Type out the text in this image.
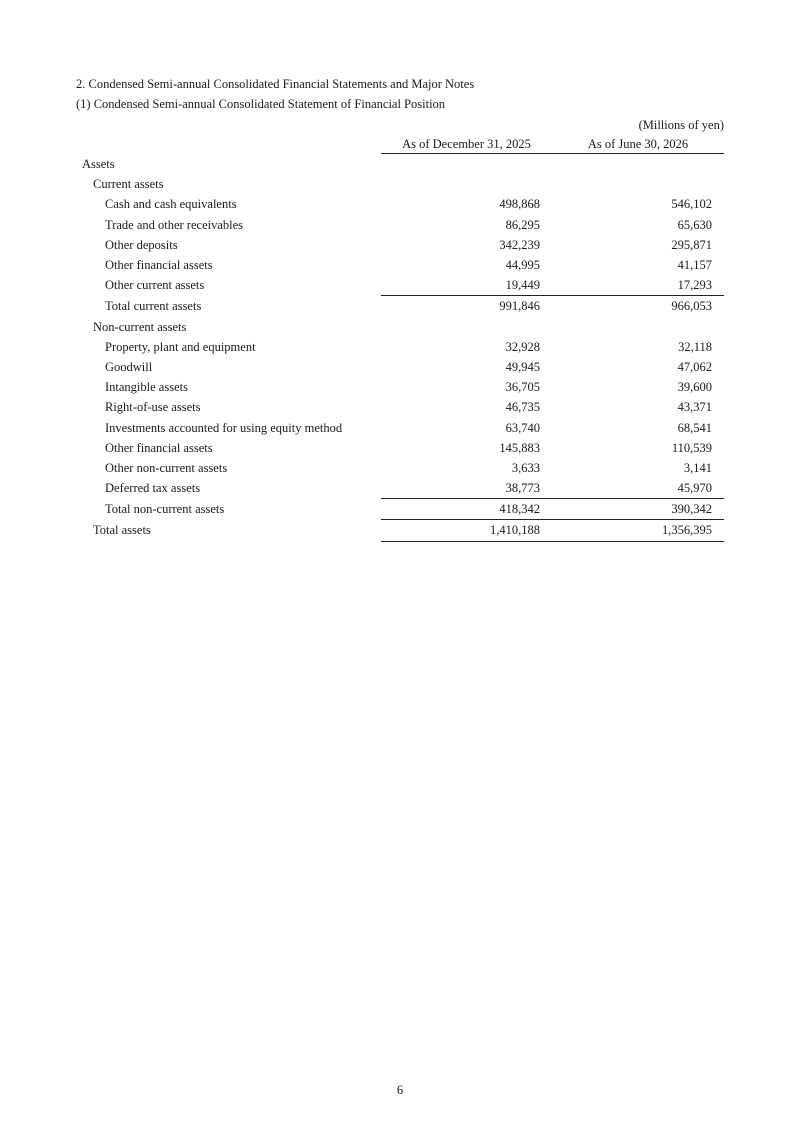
2. Condensed Semi-annual Consolidated Financial Statements and Major Notes
(1) Condensed Semi-annual Consolidated Statement of Financial Position
(Millions of yen)
	As of December 31, 2025	As of June 30, 2026
Assets		
Current assets		
Cash and cash equivalents	498,868	546,102
Trade and other receivables	86,295	65,630
Other deposits	342,239	295,871
Other financial assets	44,995	41,157
Other current assets	19,449	17,293
Total current assets	991,846	966,053
Non-current assets		
Property, plant and equipment	32,928	32,118
Goodwill	49,945	47,062
Intangible assets	36,705	39,600
Right-of-use assets	46,735	43,371
Investments accounted for using equity method	63,740	68,541
Other financial assets	145,883	110,539
Other non-current assets	3,633	3,141
Deferred tax assets	38,773	45,970
Total non-current assets	418,342	390,342
Total assets	1,410,188	1,356,395
6
